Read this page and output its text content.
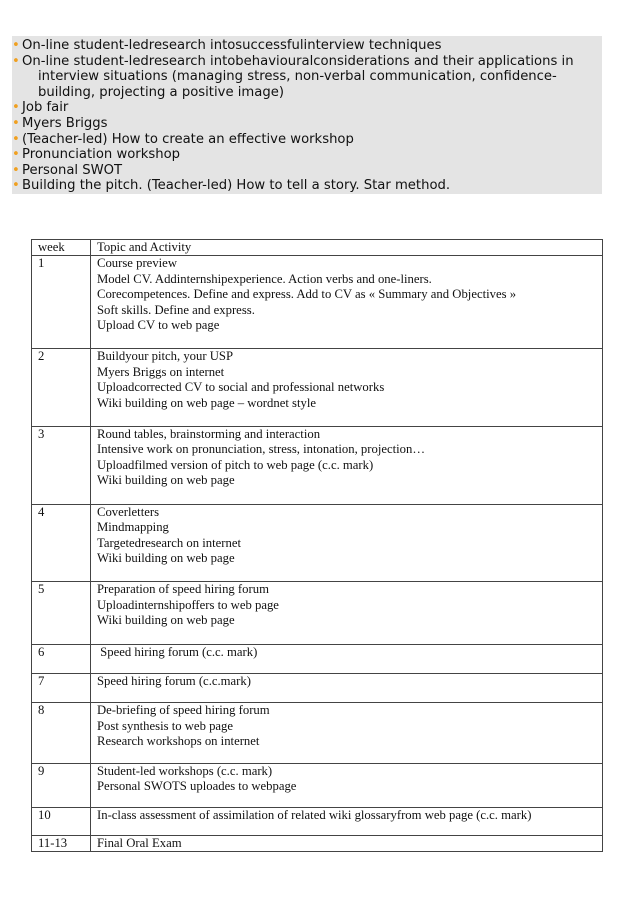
• On-line student-ledresearch intosuccessfulinterview techniques
• On-line student-ledresearch intobehaviouralconsiderations and their applications in
interview situations (managing stress, non-verbal communication, confidence-
building, projecting a positive image)
• Job fair
• Myers Briggs
• (Teacher-led) How to create an effective workshop
• Pronunciation workshop
• Personal SWOT
• Building the pitch. (Teacher-led) How to tell a story. Star method.
week	Topic and Activity
1	Course preview
Model CV. Addinternshipexperience. Action verbs and one-liners.
Corecompetences. Define and express. Add to CV as « Summary and Objectives »
Soft skills. Define and express.
Upload CV to web page

2	Buildyour pitch, your USP
Myers Briggs on internet
Uploadcorrected CV to social and professional networks
Wiki building on web page – wordnet style

3	Round tables, brainstorming and interaction
Intensive work on pronunciation, stress, intonation, projection…
Uploadfilmed version of pitch to web page (c.c. mark)
Wiki building on web page

4	Coverletters
Mindmapping
Targetedresearch on internet
Wiki building on web page

5	Preparation of speed hiring forum
Uploadinternshipoffers to web page
Wiki building on web page

6	Speed hiring forum (c.c. mark)

7	Speed hiring forum (c.c.mark)

8	De-briefing of speed hiring forum
Post synthesis to web page
Research workshops on internet

9	Student-led workshops (c.c. mark)
Personal SWOTS uploades to webpage

10	In-class assessment of assimilation of related wiki glossaryfrom web page (c.c. mark)

11-13	Final Oral Exam
